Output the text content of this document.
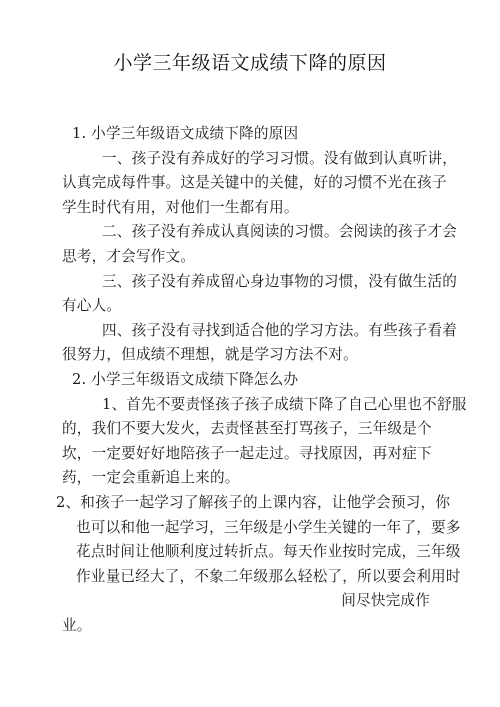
小学三年级语文成绩下降的原因
1. 小学三年级语文成绩下降的原因
一、孩子没有养成好的学习习惯。没有做到认真听讲，
认真完成每件事。这是关键中的关健，好的习惯不光在孩子
学生时代有用，对他们一生都有用。
二、孩子没有养成认真阅读的习惯。会阅读的孩子才会
思考，才会写作文。
三、孩子没有养成留心身边事物的习惯，没有做生活的
有心人。
四、孩子没有寻找到适合他的学习方法。有些孩子看着
很努力，但成绩不理想，就是学习方法不对。
2. 小学三年级语文成绩下降怎么办
1、首先不要责怪孩子孩子成绩下降了自己心里也不舒服
的，我们不要大发火，去责怪甚至打骂孩子，三年级是个
坎，一定要好好地陪孩子一起走过。寻找原因，再对症下
药，一定会重新追上来的。
2、和孩子一起学习了解孩子的上课内容，让他学会预习，你
也可以和他一起学习，三年级是小学生关键的一年了，要多
花点时间让他顺利度过转折点。每天作业按时完成，三年级
作业量已经大了，不象二年级那么轻松了，所以要会利用时
间尽快完成作
业。
